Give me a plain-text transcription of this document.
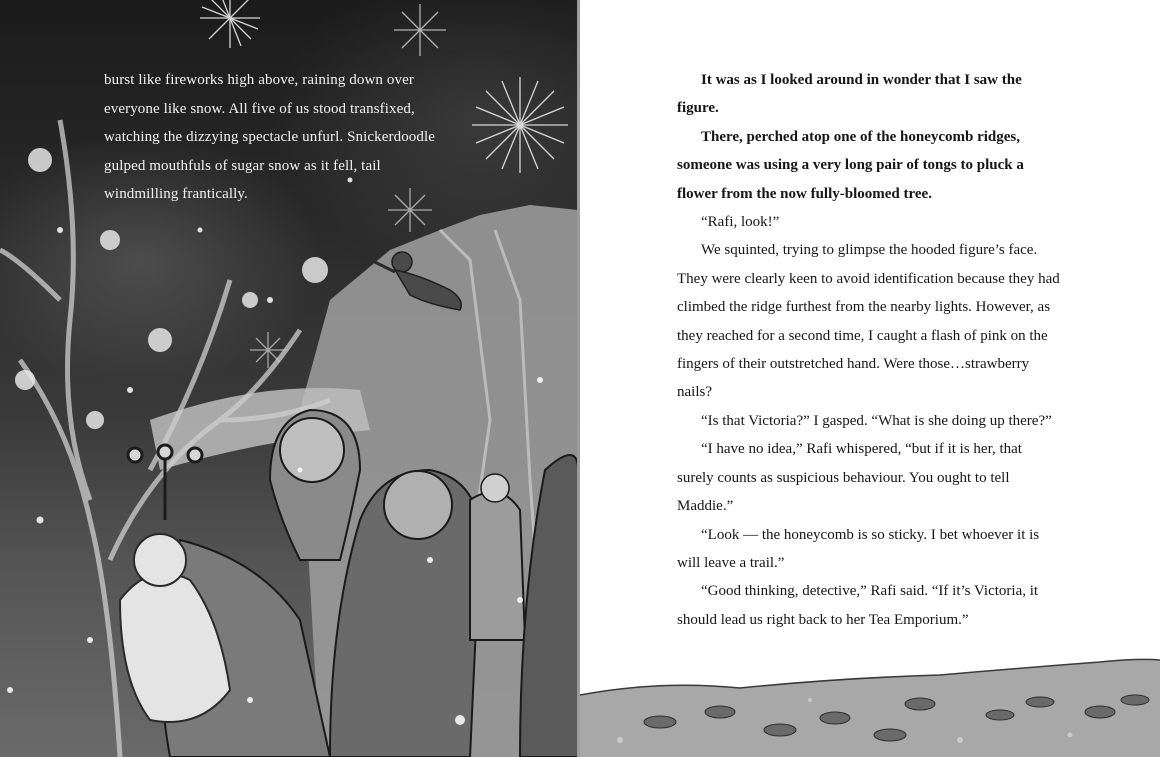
burst like fireworks high above, raining down over

everyone like snow. All five of us stood transfixed,

watching the dizzying spectacle unfurl. Snickerdoodle

gulped mouthfuls of sugar snow as it fell, tail

windmilling frantically.

It was as I looked around in wonder that I saw the figure.

There, perched atop one of the honeycomb ridges, someone was using a very long pair of tongs to pluck a flower from the now fully-bloomed tree.

“Rafi, look!”

We squinted, trying to glimpse the hooded figure’s face. They were clearly keen to avoid identification because they had climbed the ridge furthest from the nearby lights. However, as they reached for a second time, I caught a flash of pink on the fingers of their outstretched hand. Were those…strawberry nails?

“Is that Victoria?” I gasped. “What is she doing up there?”

“I have no idea,” Rafi whispered, “but if it is her, that surely counts as suspicious behaviour. You ought to tell Maddie.”

“Look — the honeycomb is so sticky. I bet whoever it is will leave a trail.”

“Good thinking, detective,” Rafi said. “If it’s Victoria, it should lead us right back to her Tea Emporium.”
